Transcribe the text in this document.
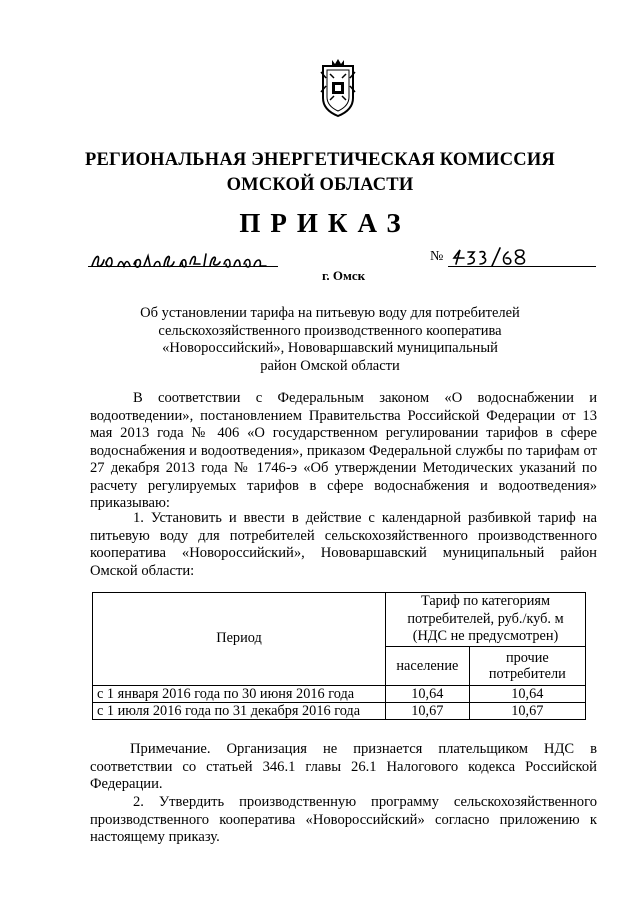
РЕГИОНАЛЬНАЯ ЭНЕРГЕТИЧЕСКАЯ КОМИССИЯ
ОМСКОЙ ОБЛАСТИ
ПРИКАЗ
№
г. Омск
Об установлении тарифа на питьевую воду для потребителей
сельскохозяйственного производственного кооператива
«Новороссийский», Нововаршавский муниципальный
район Омской области
В соответствии с Федеральным законом «О водоснабжении и водоотведении», постановлением Правительства Российской Федерации от 13 мая 2013 года № 406 «О государственном регулировании тарифов в сфере водоснабжения и водоотведения», приказом Федеральной службы по тарифам от 27 декабря 2013 года № 1746-э «Об утверждении Методических указаний по расчету регулируемых тарифов в сфере водоснабжения и водоотведения» приказываю:
1. Установить и ввести в действие с календарной разбивкой тариф на питьевую воду для потребителей сельскохозяйственного производственного кооператива «Новороссийский», Нововаршавский муниципальный район Омской области:
Период	Тариф по категориям потребителей, руб./куб. м (НДС не предусмотрен)	
	население	прочие потребители
с 1 января 2016 года по 30 июня 2016 года	10,64	10,64
с 1 июля 2016 года по 31 декабря 2016 года	10,67	10,67
Примечание. Организация не признается плательщиком НДС в соответствии со статьей 346.1 главы 26.1 Налогового кодекса Российской Федерации.
2. Утвердить производственную программу сельскохозяйственного производственного кооператива «Новороссийский» согласно приложению к настоящему приказу.
